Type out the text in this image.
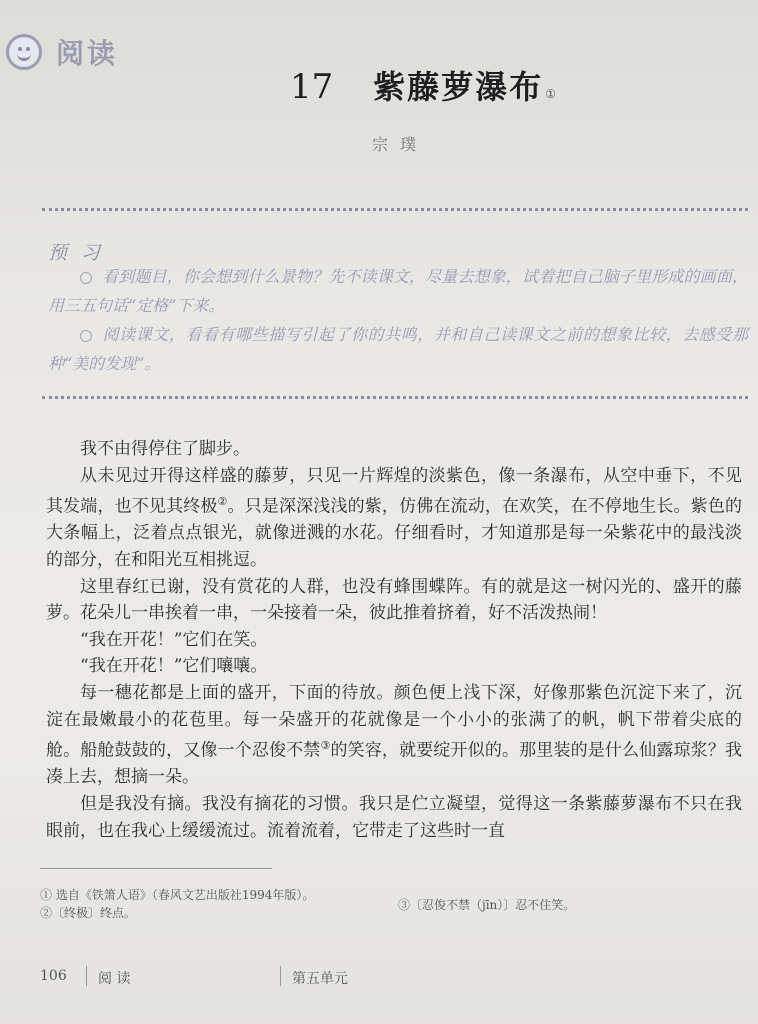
阅读
17 紫藤萝瀑布 ①
宗璞
预习

看到题目，你会想到什么景物？先不读课文，尽量去想象，试着把自己脑子里形成的画面，用三五句话“定格”下来。

阅读课文，看看有哪些描写引起了你的共鸣，并和自己读课文之前的想象比较，去感受那种“美的发现”。

我不由得停住了脚步。

从未见过开得这样盛的藤萝，只见一片辉煌的淡紫色，像一条瀑布，从空中垂下，不见其发端，也不见其终极②。只是深深浅浅的紫，仿佛在流动，在欢笑，在不停地生长。紫色的大条幅上，泛着点点银光，就像迸溅的水花。仔细看时，才知道那是每一朵紫花中的最浅淡的部分，在和阳光互相挑逗。

这里春红已谢，没有赏花的人群，也没有蜂围蝶阵。有的就是这一树闪光的、盛开的藤萝。花朵儿一串挨着一串，一朵接着一朵，彼此推着挤着，好不活泼热闹！

“我在开花！”它们在笑。

“我在开花！”它们嚷嚷。

每一穗花都是上面的盛开，下面的待放。颜色便上浅下深，好像那紫色沉淀下来了，沉淀在最嫩最小的花苞里。每一朵盛开的花就像是一个小小的张满了的帆，帆下带着尖底的舱。船舱鼓鼓的，又像一个忍俊不禁③的笑容，就要绽开似的。那里装的是什么仙露琼浆？我凑上去，想摘一朵。

但是我没有摘。我没有摘花的习惯。我只是伫立凝望，觉得这一条紫藤萝瀑布不只在我眼前，也在我心上缓缓流过。流着流着，它带走了这些时一直

① 选自《铁箫人语》（春风文艺出版社1994年版）。
②〔终极〕终点。
③〔忍俊不禁（jīn）〕忍不住笑。
106 阅 读	第五单元
